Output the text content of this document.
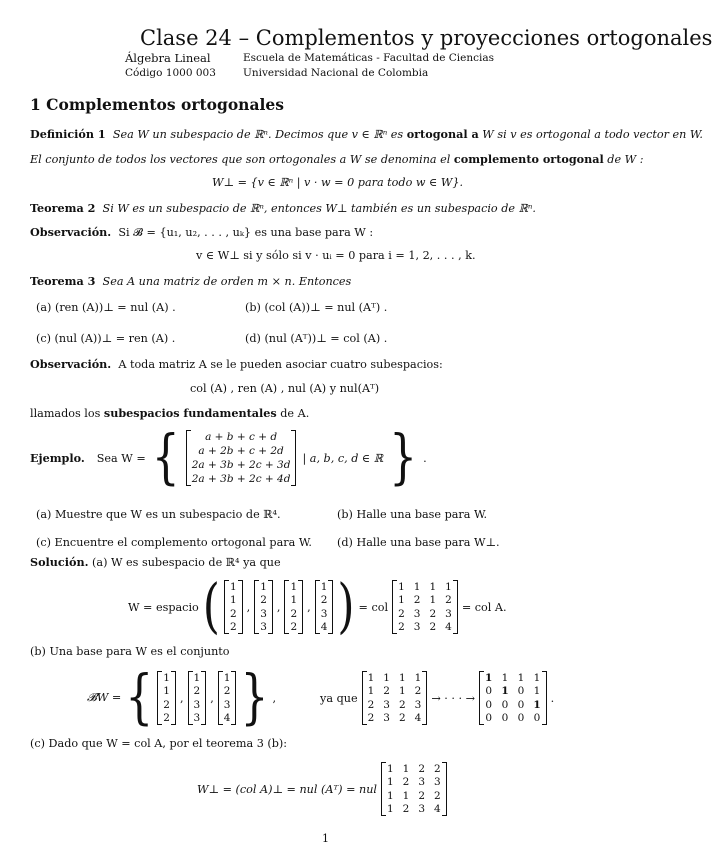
Clase 24 – Complementos y proyecciones ortogonales
Álgebra Lineal
Código 1000 003
Escuela de Matemáticas - Facultad de Ciencias
Universidad Nacional de Colombia
1 Complementos ortogonales
Definición 1 Sea W un subespacio de ℝⁿ. Decimos que v ∈ ℝⁿ es ortogonal a W si v es ortogonal a todo vector en W.
El conjunto de todos los vectores que son ortogonales a W se denomina el complemento ortogonal de W :
W⊥ = {v ∈ ℝⁿ | v · w = 0 para todo w ∈ W}.
Teorema 2 Si W es un subespacio de ℝⁿ, entonces W⊥ también es un subespacio de ℝⁿ.
Observación. Si 𝓑 = {u₁, u₂, . . . , uₖ} es una base para W :
v ∈ W⊥ si y sólo si v · uᵢ = 0 para i = 1, 2, . . . , k.
Teorema 3 Sea A una matriz de orden m × n. Entonces
(a) (ren (A))⊥ = nul (A) .	(b) (col (A))⊥ = nul (Aᵀ) .
(c) (nul (A))⊥ = ren (A) .	(d) (nul (Aᵀ))⊥ = col (A) .
Observación. A toda matriz A se le pueden asociar cuatro subespacios:
col (A) , ren (A) , nul (A) y nul(Aᵀ)
llamados los subespacios fundamentales de A.
Ejemplo. Sea W = { a + b + c + d
a + 2b + c + 2d
2a + 3b + 2c + 3d
2a + 3b + 2c + 4d
| a, b, c, d ∈ ℝ } .
(a) Muestre que W es un subespacio de ℝ⁴.	(b) Halle una base para W.
(c) Encuentre el complemento ortogonal para W. (d) Halle una base para W⊥.
Solución. (a) W es subespacio de ℝ⁴ ya que
W = espacio ( 1
1
2
2
,
1
2
3
3
,
1
1
2
2
,
1
2
3
4 ) = col
1 1 1 1
1 2 1 2
2 3 2 3
2 3 2 4
= col A.
(b) Una base para W es el conjunto
𝓑W = { 1
1
2
2
,
1
2
3
3
,
1
2
3
4 } ,	ya que
1 1 1 1
1 2 1 2
2 3 2 3
2 3 2 4
→ · · · →
1 1 1 1
0 1 0 1
0 0 0 1
0 0 0 0
.
(c) Dado que W = col A, por el teorema 3 (b):
W⊥ = (col A)⊥ = nul (Aᵀ) = nul
1 1 2 2
1 2 3 3
1 1 2 2
1 2 3 4
1
